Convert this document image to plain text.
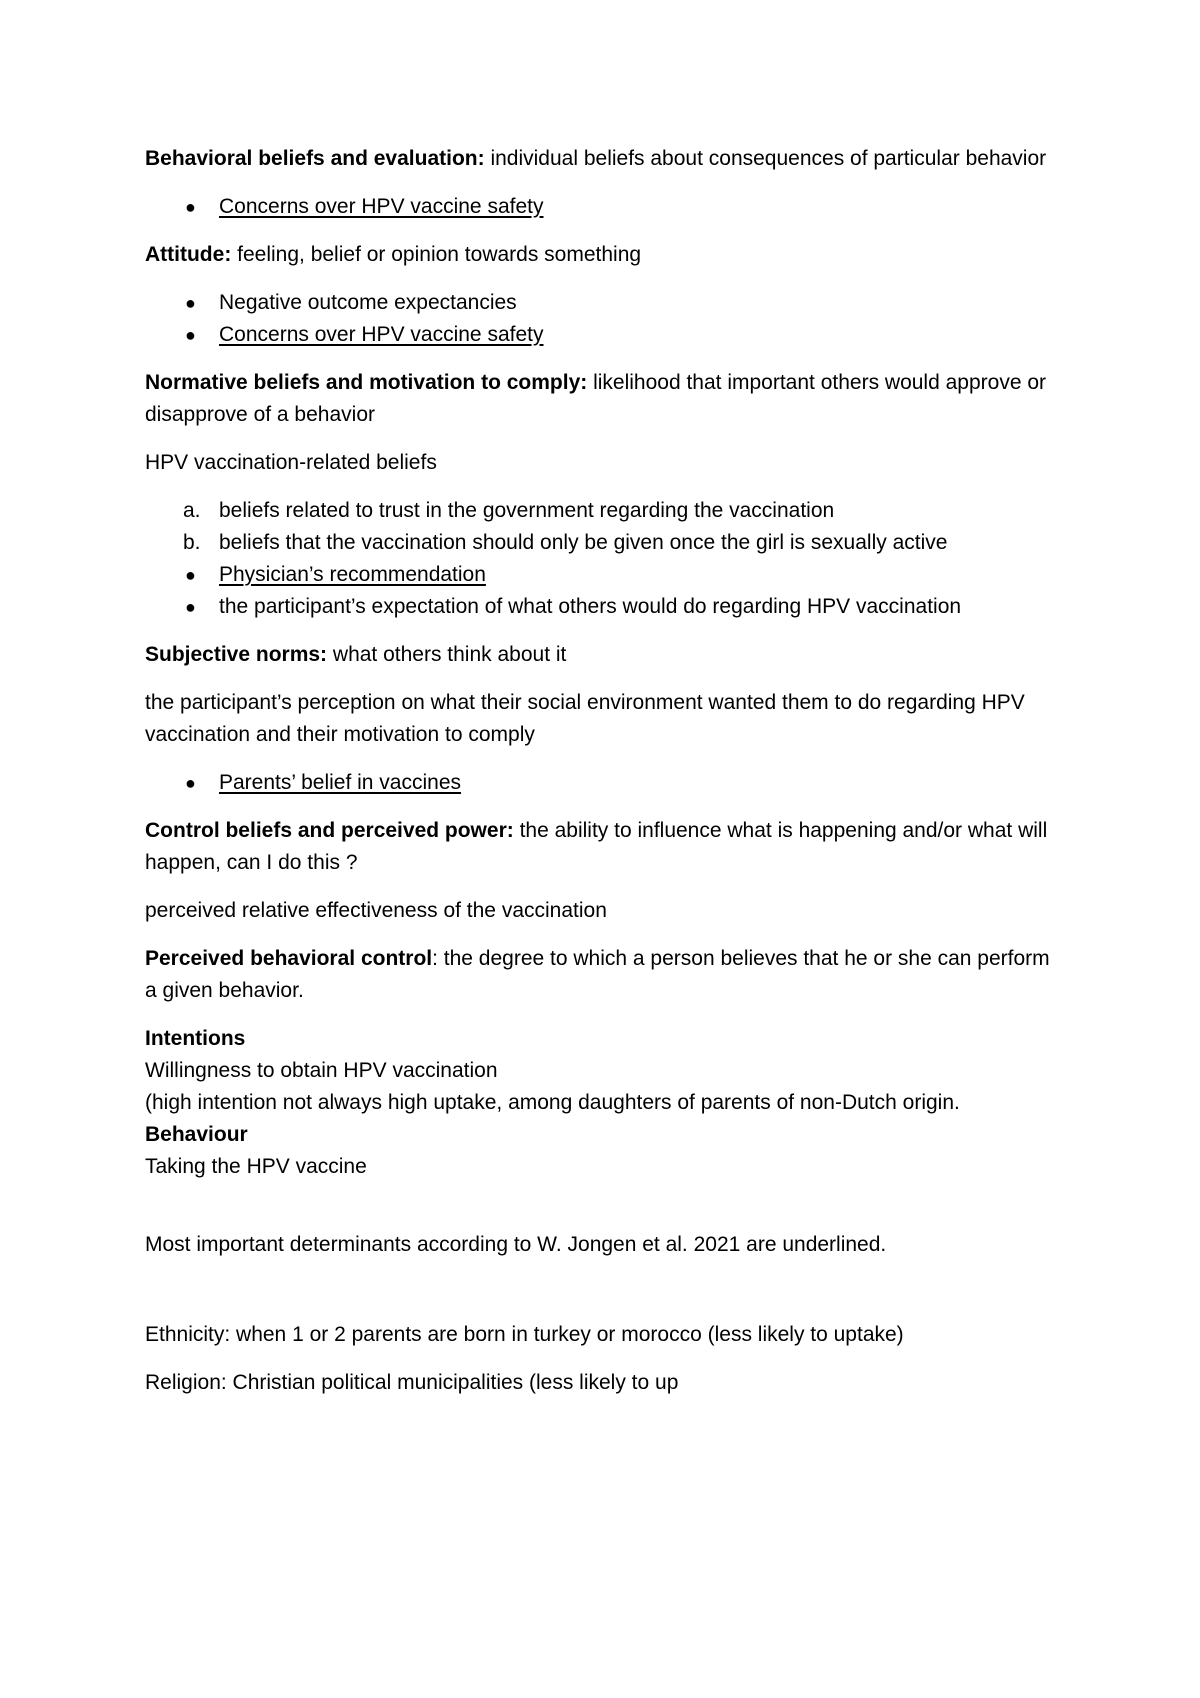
Behavioral beliefs and evaluation: individual beliefs about consequences of particular behavior

●	Concerns over HPV vaccine safety

Attitude: feeling, belief or opinion towards something

●	Negative outcome expectancies
●	Concerns over HPV vaccine safety

Normative beliefs and motivation to comply: likelihood that important others would approve or disapprove of a behavior

HPV vaccination-related beliefs

a. beliefs related to trust in the government regarding the vaccination
b. beliefs that the vaccination should only be given once the girl is sexually active
●	Physician’s recommendation
●	the participant’s expectation of what others would do regarding HPV vaccination

Subjective norms: what others think about it

the participant’s perception on what their social environment wanted them to do regarding HPV vaccination and their motivation to comply

●	Parents’ belief in vaccines

Control beliefs and perceived power: the ability to influence what is happening and/or what will happen, can I do this ?

perceived relative effectiveness of the vaccination

Perceived behavioral control: the degree to which a person believes that he or she can perform a given behavior.

Intentions
Willingness to obtain HPV vaccination
(high intention not always high uptake, among daughters of parents of non-Dutch origin.
Behaviour
Taking the HPV vaccine

Most important determinants according to W. Jongen et al. 2021 are underlined.

Ethnicity: when 1 or 2 parents are born in turkey or morocco (less likely to uptake)

Religion: Christian political municipalities (less likely to up
